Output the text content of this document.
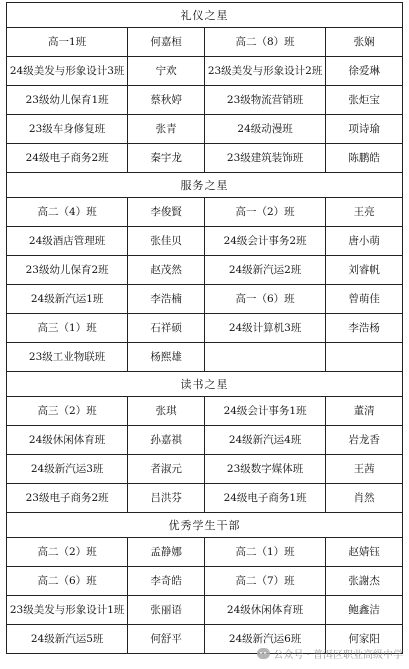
礼仪之星			
高一1班	何嘉桓	高二（8）班	张娴
24级美发与形象设计3班	宁欢	23级美发与形象设计2班	徐爱琳
23级幼儿保育1班	蔡秋婷	23级物流营销班	张炬宝
23级车身修复班	张青	24级动漫班	项诗瑜
24级电子商务2班	秦宇龙	23级建筑装饰班	陈鹏皓
服务之星			
高二（4）班	李俊賢	高一（2）班	王亮
24级酒店管理班	张佳贝	24级会计事务2班	唐小萌
23级幼儿保育2班	赵茂然	24级新汽运2班	刘睿帆
24级新汽运1班	李浩楠	高一（6）班	曾萌佳
高三（1）班	石祥硕	24级计算机3班	李浩杨
23级工业物联班	杨熙雄		
读书之星			
高三（2）班	张琪	24级会计事务1班	董清
24级休闲体育班	孙嘉祺	24级新汽运4班	岩龙香
24级新汽运3班	者淑元	23级数字媒体班	王茜
23级电子商务2班	吕洪芬	24级电子商务1班	肖然
优秀学生干部			
高二（2）班	孟静娜	高二（1）班	赵婧钰
高二（6）班	李奇皓	高二（7）班	张謝杰
23级美发与形象设计1班	张丽语	24级休闲体育班	鲍鑫洁
24级新汽运5班	何舒平	24级新汽运6班	何家阳
公众号 · 普洱区职业高级中学
